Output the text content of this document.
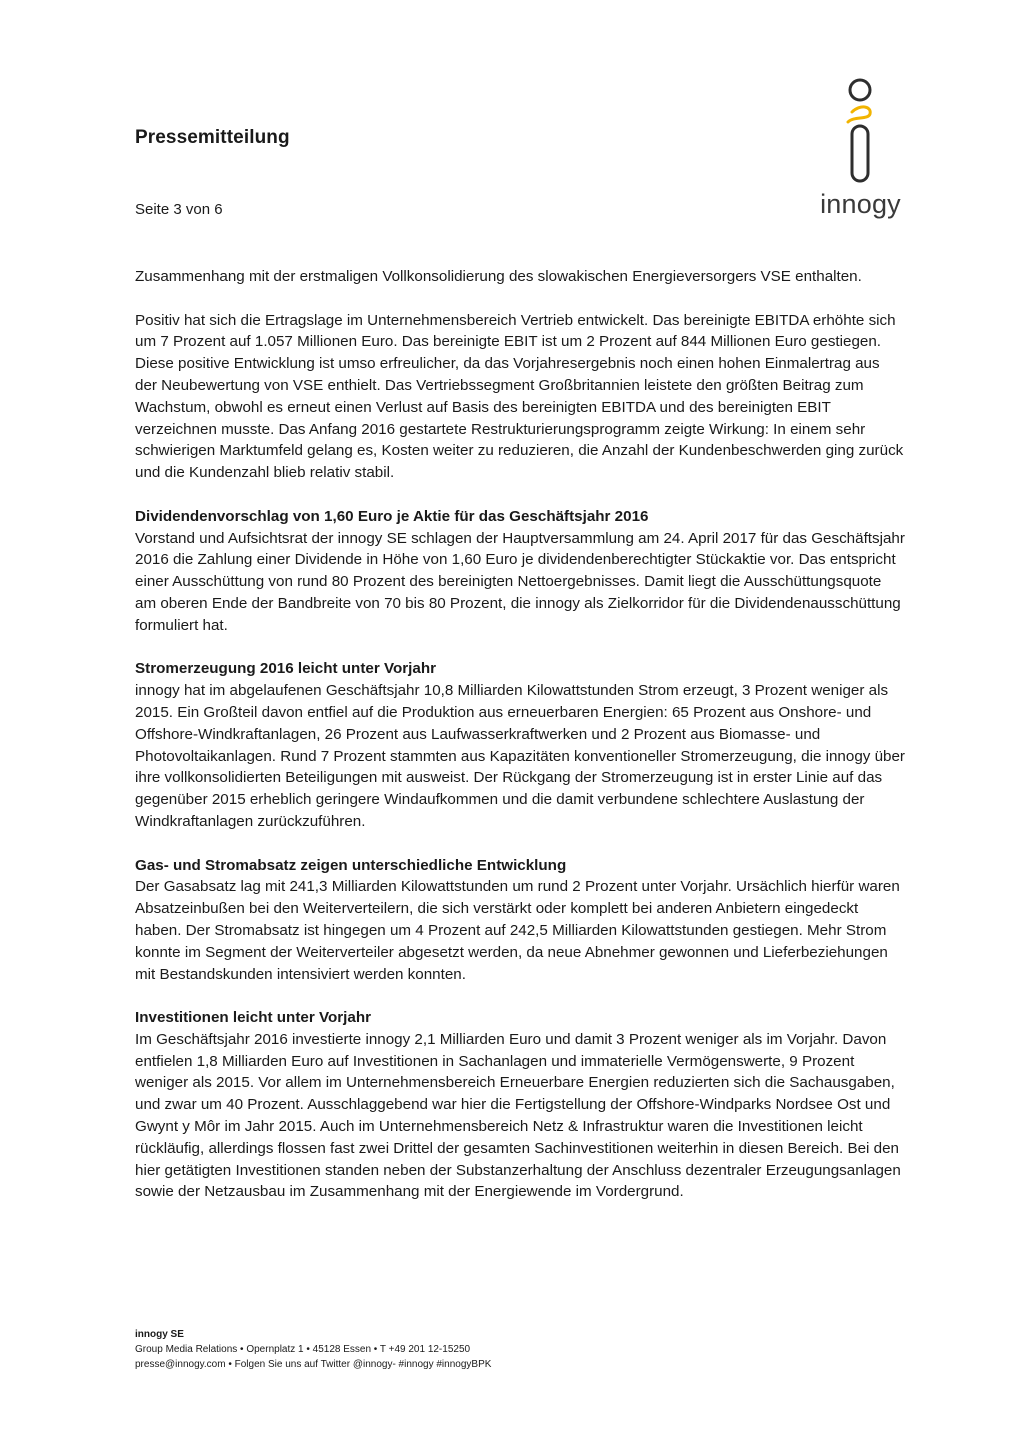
Pressemitteilung
Seite 3 von 6	innogy

Zusammenhang mit der erstmaligen Vollkonsolidierung des slowakischen Energieversorgers VSE enthalten.

Positiv hat sich die Ertragslage im Unternehmensbereich Vertrieb entwickelt. Das bereinigte EBITDA erhöhte sich um 7 Prozent auf 1.057 Millionen Euro. Das bereinigte EBIT ist um 2 Prozent auf 844 Millionen Euro gestiegen. Diese positive Entwicklung ist umso erfreulicher, da das Vorjahresergebnis noch einen hohen Einmalertrag aus der Neubewertung von VSE enthielt. Das Vertriebssegment Großbritannien leistete den größten Beitrag zum Wachstum, obwohl es erneut einen Verlust auf Basis des bereinigten EBITDA und des bereinigten EBIT verzeichnen musste. Das Anfang 2016 gestartete Restrukturierungsprogramm zeigte Wirkung: In einem sehr schwierigen Marktumfeld gelang es, Kosten weiter zu reduzieren, die Anzahl der Kundenbeschwerden ging zurück und die Kundenzahl blieb relativ stabil.

Dividendenvorschlag von 1,60 Euro je Aktie für das Geschäftsjahr 2016

Vorstand und Aufsichtsrat der innogy SE schlagen der Hauptversammlung am 24. April 2017 für das Geschäftsjahr 2016 die Zahlung einer Dividende in Höhe von 1,60 Euro je dividendenberechtigter Stückaktie vor. Das entspricht einer Ausschüttung von rund 80 Prozent des bereinigten Nettoergebnisses. Damit liegt die Ausschüttungsquote am oberen Ende der Bandbreite von 70 bis 80 Prozent, die innogy als Zielkorridor für die Dividendenausschüttung formuliert hat.

Stromerzeugung 2016 leicht unter Vorjahr

innogy hat im abgelaufenen Geschäftsjahr 10,8 Milliarden Kilowattstunden Strom erzeugt, 3 Prozent weniger als 2015. Ein Großteil davon entfiel auf die Produktion aus erneuerbaren Energien: 65 Prozent aus Onshore- und Offshore-Windkraftanlagen, 26 Prozent aus Laufwasserkraftwerken und 2 Prozent aus Biomasse- und Photovoltaikanlagen. Rund 7 Prozent stammten aus Kapazitäten konventioneller Stromerzeugung, die innogy über ihre vollkonsolidierten Beteiligungen mit ausweist. Der Rückgang der Stromerzeugung ist in erster Linie auf das gegenüber 2015 erheblich geringere Windaufkommen und die damit verbundene schlechtere Auslastung der Windkraftanlagen zurückzuführen.

Gas- und Stromabsatz zeigen unterschiedliche Entwicklung

Der Gasabsatz lag mit 241,3 Milliarden Kilowattstunden um rund 2 Prozent unter Vorjahr. Ursächlich hierfür waren Absatzeinbußen bei den Weiterverteilern, die sich verstärkt oder komplett bei anderen Anbietern eingedeckt haben. Der Stromabsatz ist hingegen um 4 Prozent auf 242,5 Milliarden Kilowattstunden gestiegen. Mehr Strom konnte im Segment der Weiterverteiler abgesetzt werden, da neue Abnehmer gewonnen und Lieferbeziehungen mit Bestandskunden intensiviert werden konnten.

Investitionen leicht unter Vorjahr

Im Geschäftsjahr 2016 investierte innogy 2,1 Milliarden Euro und damit 3 Prozent weniger als im Vorjahr. Davon entfielen 1,8 Milliarden Euro auf Investitionen in Sachanlagen und immaterielle Vermögenswerte, 9 Prozent weniger als 2015. Vor allem im Unternehmensbereich Erneuerbare Energien reduzierten sich die Sachausgaben, und zwar um 40 Prozent. Ausschlaggebend war hier die Fertigstellung der Offshore-Windparks Nordsee Ost und Gwynt y Môr im Jahr 2015. Auch im Unternehmensbereich Netz & Infrastruktur waren die Investitionen leicht rückläufig, allerdings flossen fast zwei Drittel der gesamten Sachinvestitionen weiterhin in diesen Bereich. Bei den hier getätigten Investitionen standen neben der Substanzerhaltung der Anschluss dezentraler Erzeugungsanlagen sowie der Netzausbau im Zusammenhang mit der Energiewende im Vordergrund.

innogy SE
Group Media Relations • Opernplatz 1 • 45128 Essen • T +49 201 12-15250
presse@innogy.com • Folgen Sie uns auf Twitter @innogy- #innogy #innogyBPK
